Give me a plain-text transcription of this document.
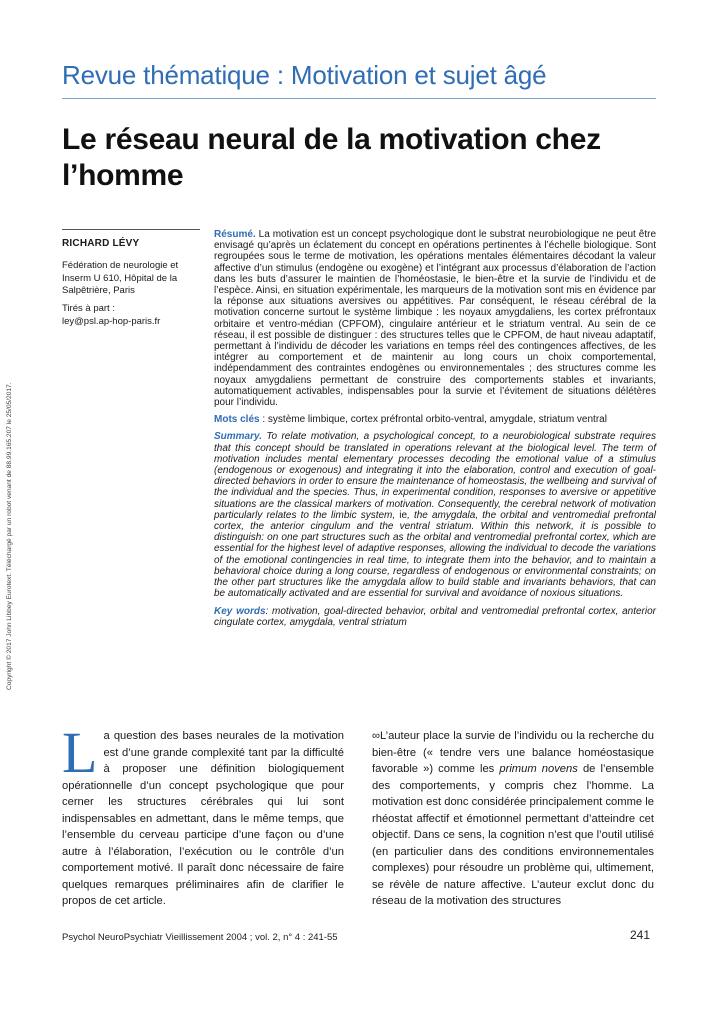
Revue thématique : Motivation et sujet âgé
Le réseau neural de la motivation chez l’homme
RICHARD LÉVY
Fédération de neurologie et
Inserm U 610, Hôpital de la
Salpêtrière, Paris
Tirés à part :
ley@psl.ap-hop-paris.fr

Résumé. La motivation est un concept psychologique dont le substrat neurobiologique ne peut être envisagé qu’après un éclatement du concept en opérations pertinentes à l’échelle biologique. Sont regroupées sous le terme de motivation, les opérations mentales élémentaires décodant la valeur affective d’un stimulus (endogène ou exogène) et l’intégrant aux processus d’élaboration de l’action dans les buts d’assurer le maintien de l’homéostasie, le bien-être et la survie de l’individu et de l’espèce. Ainsi, en situation expérimentale, les marqueurs de la motivation sont mis en évidence par la réponse aux situations aversives ou appétitives. Par conséquent, le réseau cérébral de la motivation concerne surtout le système limbique : les noyaux amygdaliens, les cortex préfrontaux orbitaire et ventro-médian (CPFOM), cingulaire antérieur et le striatum ventral. Au sein de ce réseau, il est possible de distinguer : des structures telles que le CPFOM, de haut niveau adaptatif, permettant à l’individu de décoder les variations en temps réel des contingences affectives, de les intégrer au comportement et de maintenir au long cours un choix comportemental, indépendamment des contraintes endogènes ou environnementales ; des structures comme les noyaux amygdaliens permettant de construire des comportements stables et invariants, automatiquement activables, indispensables pour la survie et l’évitement de situations délétères pour l’individu.

Mots clés : système limbique, cortex préfrontal orbito-ventral, amygdale, striatum ventral

Summary. To relate motivation, a psychological concept, to a neurobiological substrate requires that this concept should be translated in operations relevant at the biological level. The term of motivation includes mental elementary processes decoding the emotional value of a stimulus (endogenous or exogenous) and integrating it into the elaboration, control and execution of goal-directed behaviors in order to ensure the maintenance of homeostasis, the wellbeing and survival of the individual and the species. Thus, in experimental condition, responses to aversive or appetitive situations are the classical markers of motivation. Consequently, the cerebral network of motivation particularly relates to the limbic system, ie, the amygdala, the orbital and ventromedial prefrontal cortex, the anterior cingulum and the ventral striatum. Within this network, it is possible to distinguish: on one part structures such as the orbital and ventromedial prefrontal cortex, which are essential for the highest level of adaptive responses, allowing the individual to decode the variations of the emotional contingencies in real time, to integrate them into the behavior, and to maintain a behavioral choice during a long course, regardless of endogenous or environmental constraints; on the other part structures like the amygdala allow to build stable and invariants behaviors, that can be automatically activated and are essential for survival and avoidance of noxious situations.

Key words: motivation, goal-directed behavior, orbital and ventromedial prefrontal cortex, anterior cingulate cortex, amygdala, ventral striatum

Copyright © 2017 John Libbey Eurotext. Téléchargé par un robot venant de 88.99.165.207 le 25/05/2017.
La question des bases neurales de la motivation est d’une grande complexité tant par la difficulté à proposer une définition biologiquement opérationnelle d’un concept psychologique que pour cerner les structures cérébrales qui lui sont indispensables en admettant, dans le même temps, que l’ensemble du cerveau participe d’une façon ou d’une autre à l’élaboration, l’exécution ou le contrôle d’un comportement motivé. Il paraît donc nécessaire de faire quelques remarques préliminaires afin de clarifier le propos de cet article.
∞L’auteur place la survie de l’individu ou la recherche du bien-être (« tendre vers une balance homéostasique favorable ») comme les primum novens de l’ensemble des comportements, y compris chez l’homme. La motivation est donc considérée principalement comme le rhéostat affectif et émotionnel permettant d’atteindre cet objectif. Dans ce sens, la cognition n’est que l’outil utilisé (en particulier dans des conditions environnementales complexes) pour résoudre un problème qui, ultimement, se révèle de nature affective. L’auteur exclut donc du réseau de la motivation des structures
Psychol NeuroPsychiatr Vieillissement 2004 ; vol. 2, n° 4 : 241-55	241
